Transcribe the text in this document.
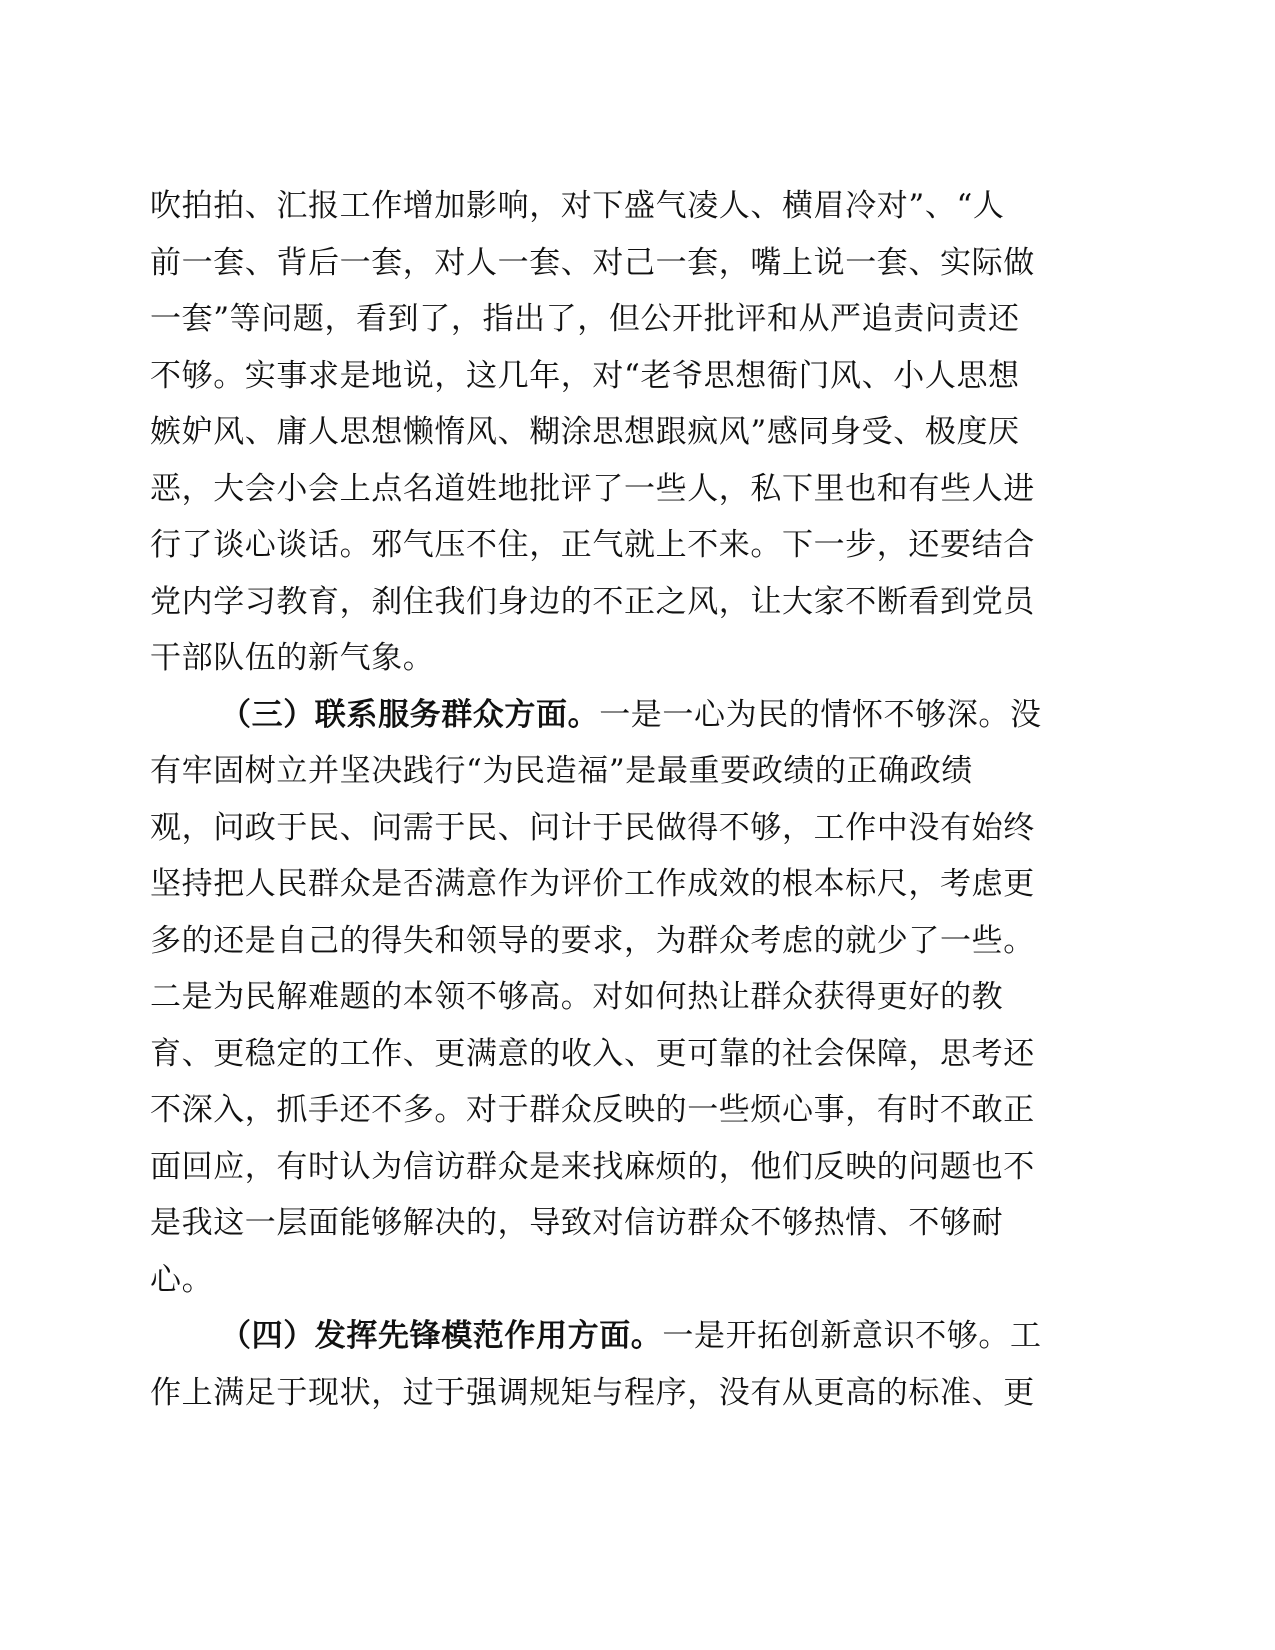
吹拍拍、汇报工作增加影响，对下盛气凌人、横眉冷对”、“人
前一套、背后一套，对人一套、对己一套，嘴上说一套、实际做
一套”等问题，看到了，指出了，但公开批评和从严追责问责还
不够。实事求是地说，这几年，对“老爷思想衙门风、小人思想
嫉妒风、庸人思想懒惰风、糊涂思想跟疯风”感同身受、极度厌
恶，大会小会上点名道姓地批评了一些人，私下里也和有些人进
行了谈心谈话。邪气压不住，正气就上不来。下一步，还要结合
党内学习教育，刹住我们身边的不正之风，让大家不断看到党员
干部队伍的新气象。
（三）联系服务群众方面。一是一心为民的情怀不够深。没
有牢固树立并坚决践行“为民造福”是最重要政绩的正确政绩
观，问政于民、问需于民、问计于民做得不够，工作中没有始终
坚持把人民群众是否满意作为评价工作成效的根本标尺，考虑更
多的还是自己的得失和领导的要求，为群众考虑的就少了一些。
二是为民解难题的本领不够高。对如何热让群众获得更好的教
育、更稳定的工作、更满意的收入、更可靠的社会保障，思考还
不深入，抓手还不多。对于群众反映的一些烦心事，有时不敢正
面回应，有时认为信访群众是来找麻烦的，他们反映的问题也不
是我这一层面能够解决的，导致对信访群众不够热情、不够耐
心。
（四）发挥先锋模范作用方面。一是开拓创新意识不够。工
作上满足于现状，过于强调规矩与程序，没有从更高的标准、更
